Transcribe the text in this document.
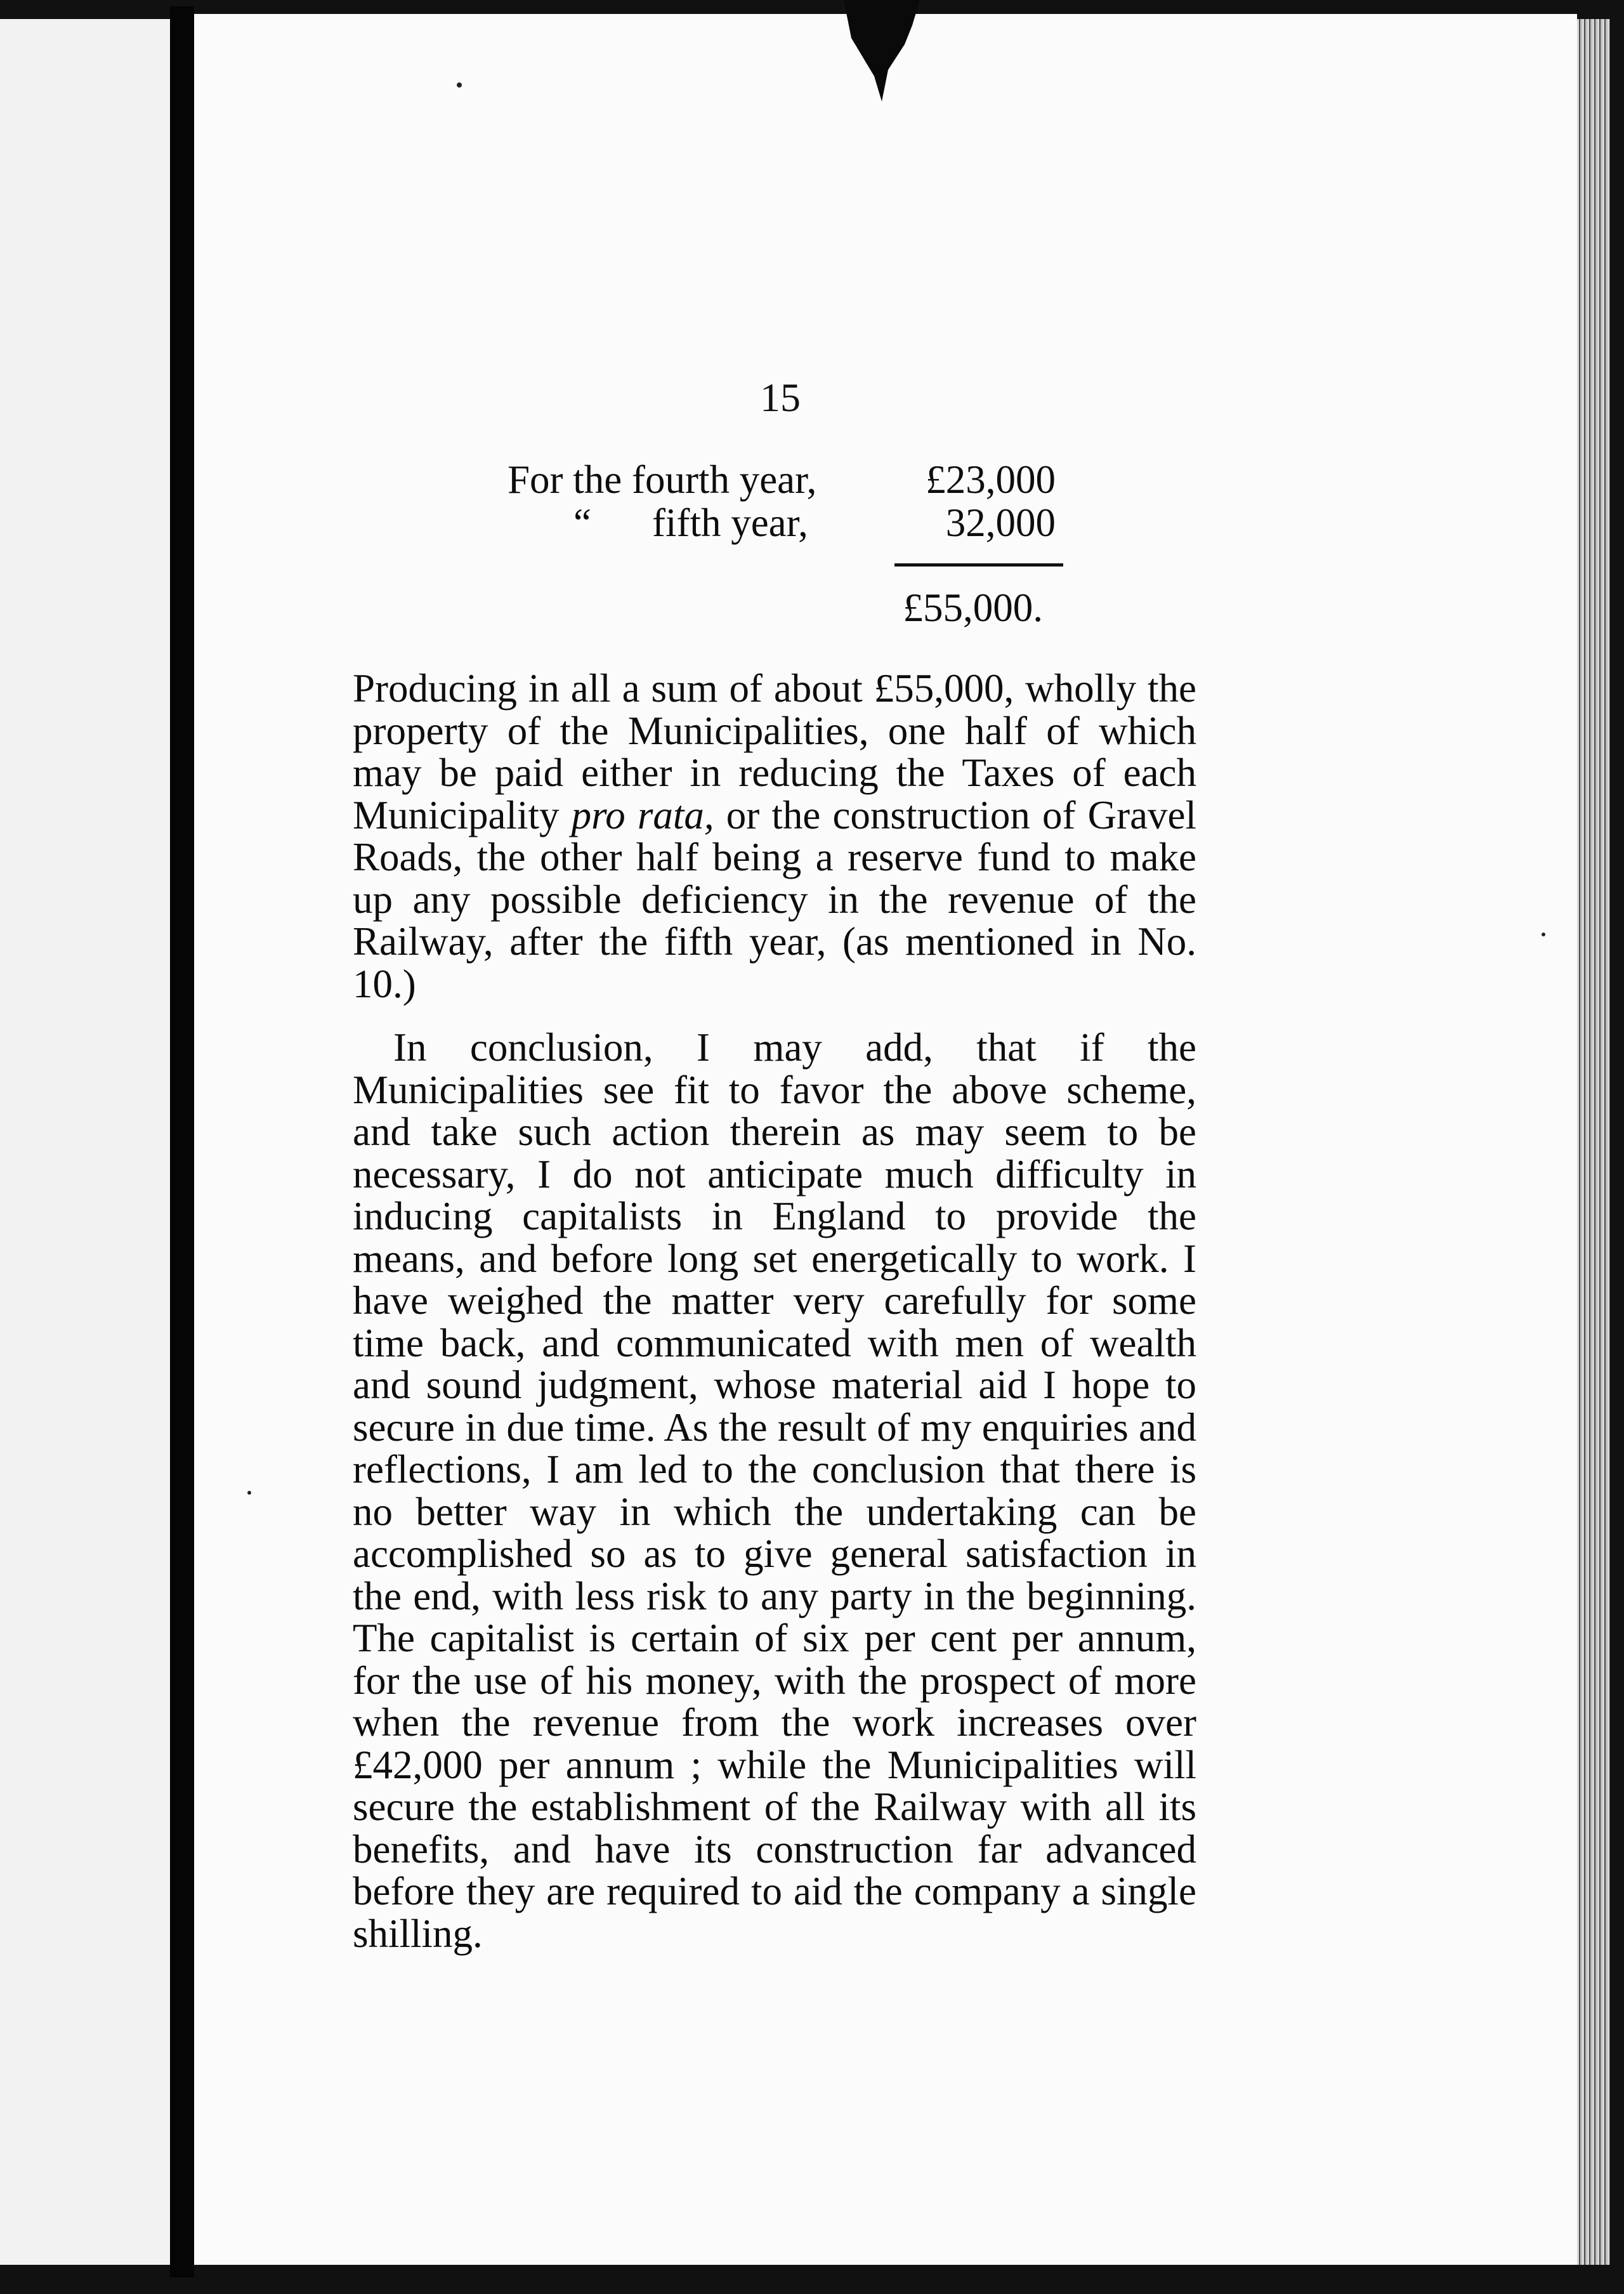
15
For the fourth year,	£23,000
“ fifth year,	32,000
£55,000.
Producing in all a sum of about £55,000, wholly the property of the Municipalities, one half of which may be paid either in reducing the Taxes of each Municipality pro rata, or the construction of Gravel Roads, the other half being a reserve fund to make up any possible deficiency in the revenue of the Railway, after the fifth year, (as mentioned in No. 10.)
In conclusion, I may add, that if the Municipalities see fit to favor the above scheme, and take such action therein as may seem to be necessary, I do not anticipate much difficulty in inducing capitalists in England to provide the means, and before long set energetically to work. I have weighed the matter very carefully for some time back, and communicated with men of wealth and sound judgment, whose material aid I hope to secure in due time. As the result of my enquiries and reflections, I am led to the conclusion that there is no better way in which the undertaking can be accomplished so as to give general satisfaction in the end, with less risk to any party in the beginning. The capitalist is certain of six per cent per annum, for the use of his money, with the prospect of more when the revenue from the work increases over £42,000 per annum ; while the Municipalities will secure the establishment of the Railway with all its benefits, and have its construction far advanced before they are required to aid the company a single shilling.
